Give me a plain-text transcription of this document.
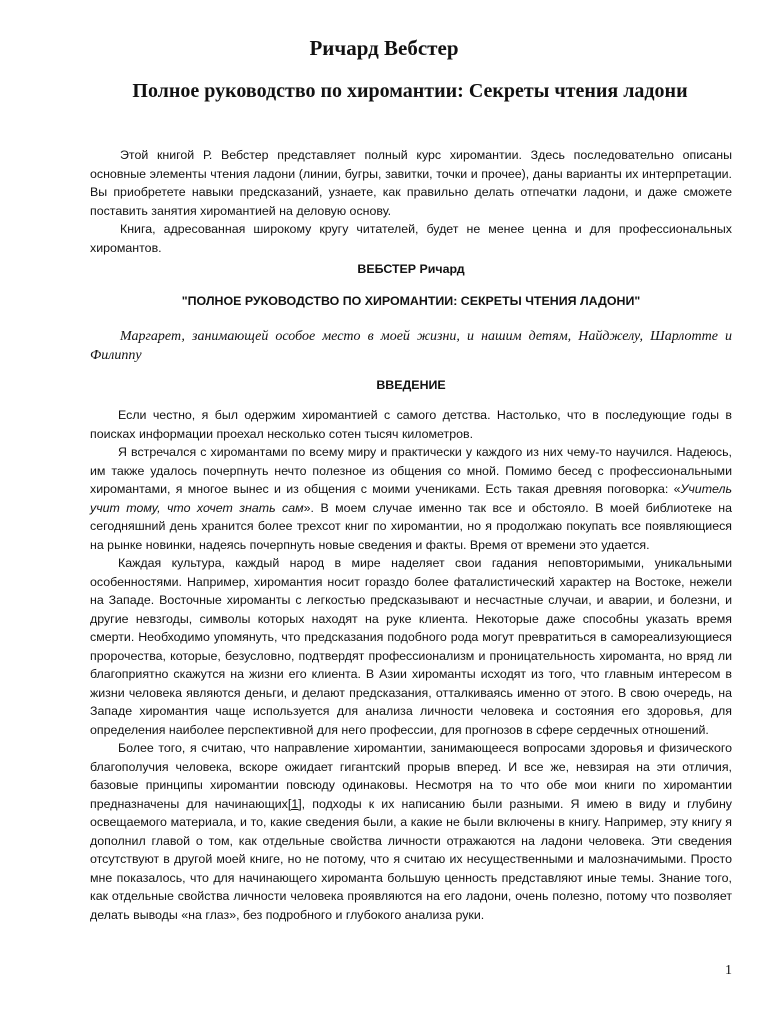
Ричард Вебстер
Полное руководство по хиромантии: Секреты чтения ладони

Этой книгой Р. Вебстер представляет полный курс хиромантии. Здесь последовательно описаны основные элементы чтения ладони (линии, бугры, завитки, точки и прочее), даны варианты их интерпретации. Вы приобретете навыки предсказаний, узнаете, как правильно делать отпечатки ладони, и даже сможете поставить занятия хиромантией на деловую основу.

Книга, адресованная широкому кругу читателей, будет не менее ценна и для профессиональных хиромантов.

ВЕБСТЕР Ричард
"ПОЛНОЕ РУКОВОДСТВО ПО ХИРОМАНТИИ: СЕКРЕТЫ ЧТЕНИЯ ЛАДОНИ"
Маргарет, занимающей особое место в моей жизни, и нашим детям, Найджелу, Шарлотте и Филиппу
ВВЕДЕНИЕ

Если честно, я был одержим хиромантией с самого детства. Настолько, что в последующие годы в поисках информации проехал несколько сотен тысяч километров.

Я встречался с хиромантами по всему миру и практически у каждого из них чему-то научился. Надеюсь, им также удалось почерпнуть нечто полезное из общения со мной. Помимо бесед с профессиональными хиромантами, я многое вынес и из общения с моими учениками. Есть такая древняя поговорка: «Учитель учит тому, что хочет знать сам». В моем случае именно так все и обстояло. В моей библиотеке на сегодняшний день хранится более трехсот книг по хиромантии, но я продолжаю покупать все появляющиеся на рынке новинки, надеясь почерпнуть новые сведения и факты. Время от времени это удается.

Каждая культура, каждый народ в мире наделяет свои гадания неповторимыми, уникальными особенностями. Например, хиромантия носит гораздо более фаталистический характер на Востоке, нежели на Западе. Восточные хироманты с легкостью предсказывают и несчастные случаи, и аварии, и болезни, и другие невзгоды, символы которых находят на руке клиента. Некоторые даже способны указать время смерти. Необходимо упомянуть, что предсказания подобного рода могут превратиться в самореализующиеся пророчества, которые, безусловно, подтвердят профессионализм и проницательность хироманта, но вряд ли благоприятно скажутся на жизни его клиента. В Азии хироманты исходят из того, что главным интересом в жизни человека являются деньги, и делают предсказания, отталкиваясь именно от этого. В свою очередь, на Западе хиромантия чаще используется для анализа личности человека и состояния его здоровья, для определения наиболее перспективной для него профессии, для прогнозов в сфере сердечных отношений.

Более того, я считаю, что направление хиромантии, занимающееся вопросами здоровья и физического благополучия человека, вскоре ожидает гигантский прорыв вперед. И все же, невзирая на эти отличия, базовые принципы хиромантии повсюду одинаковы. Несмотря на то что обе мои книги по хиромантии предназначены для начинающих[1], подходы к их написанию были разными. Я имею в виду и глубину освещаемого материала, и то, какие сведения были, а какие не были включены в книгу. Например, эту книгу я дополнил главой о том, как отдельные свойства личности отражаются на ладони человека. Эти сведения отсутствуют в другой моей книге, но не потому, что я считаю их несущественными и малозначимыми. Просто мне показалось, что для начинающего хироманта большую ценность представляют иные темы. Знание того, как отдельные свойства личности человека проявляются на его ладони, очень полезно, потому что позволяет делать выводы «на глаз», без подробного и глубокого анализа руки.

1
